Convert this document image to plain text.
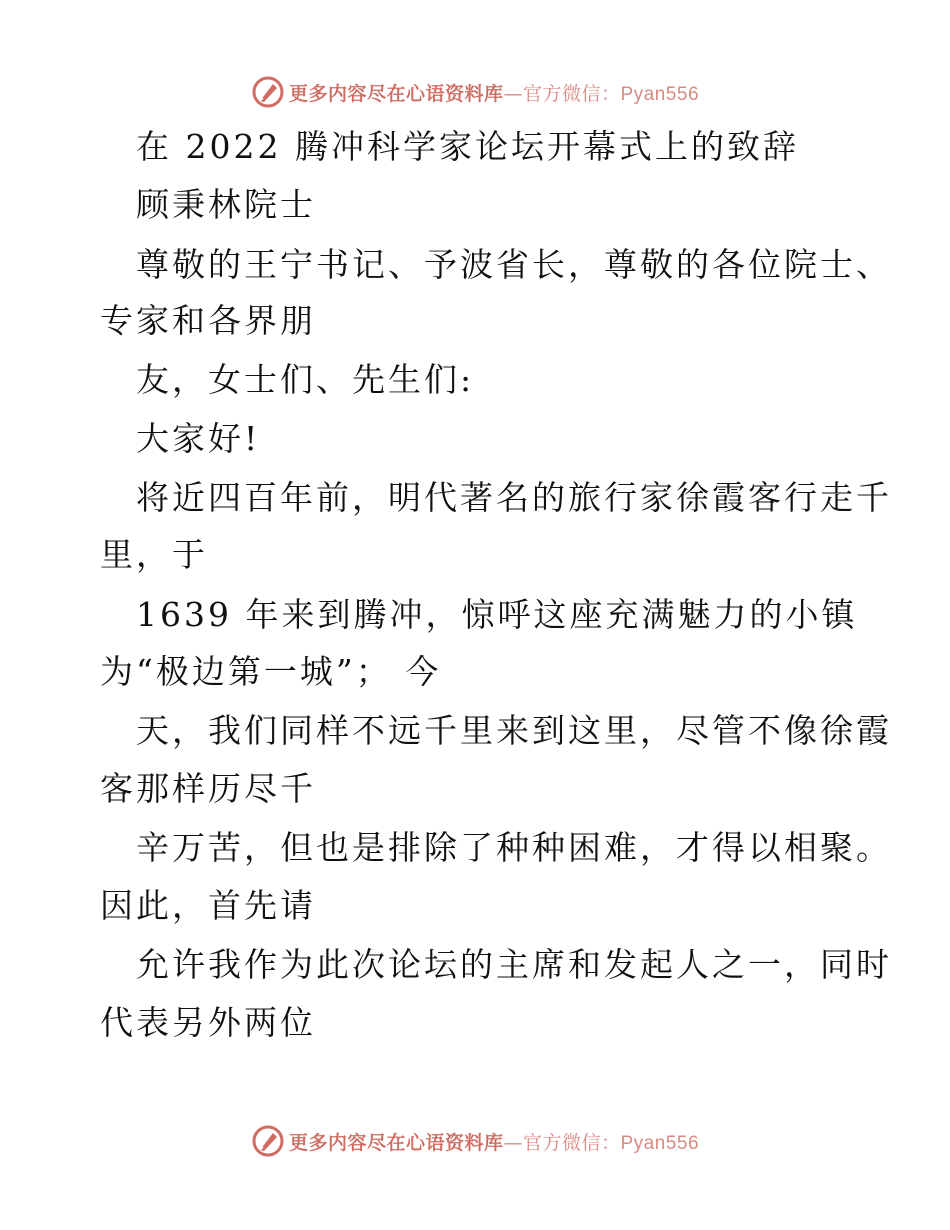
更多内容尽在心语资料库—官方微信：Pyan556
在 2022 腾冲科学家论坛开幕式上的致辞
顾秉林院士
尊敬的王宁书记、予波省长，尊敬的各位院士、
专家和各界朋
友，女士们、先生们:
大家好!
将近四百年前，明代著名的旅行家徐霞客行走千
里，于
1639 年来到腾冲，惊呼这座充满魅力的小镇
为“极边第一城”； 今
天，我们同样不远千里来到这里，尽管不像徐霞
客那样历尽千
辛万苦，但也是排除了种种困难，才得以相聚。
因此，首先请
允许我作为此次论坛的主席和发起人之一，同时
代表另外两位
更多内容尽在心语资料库—官方微信：Pyan556
